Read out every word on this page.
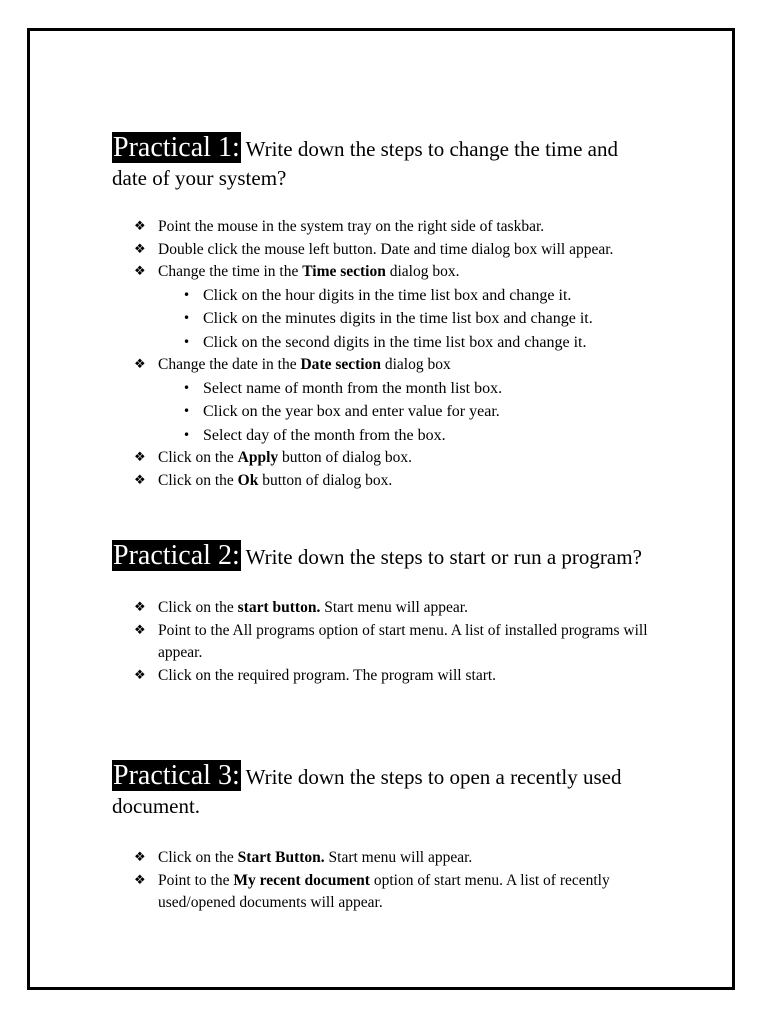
Practical 1: Write down the steps to change the time and date of your system?

❖ Point the mouse in the system tray on the right side of taskbar.
❖ Double click the mouse left button. Date and time dialog box will appear.
❖ Change the time in the Time section dialog box.
• Click on the hour digits in the time list box and change it.
• Click on the minutes digits in the time list box and change it.
• Click on the second digits in the time list box and change it.
❖ Change the date in the Date section dialog box
• Select name of month from the month list box.
• Click on the year box and enter value for year.
• Select day of the month from the box.
❖ Click on the Apply button of dialog box.
❖ Click on the Ok button of dialog box.

Practical 2: Write down the steps to start or run a program?

❖ Click on the start button. Start menu will appear.
❖ Point to the All programs option of start menu. A list of installed programs will appear.
❖ Click on the required program. The program will start.

Practical 3: Write down the steps to open a recently used document.

❖ Click on the Start Button. Start menu will appear.
❖ Point to the My recent document option of start menu. A list of recently used/opened documents will appear.
